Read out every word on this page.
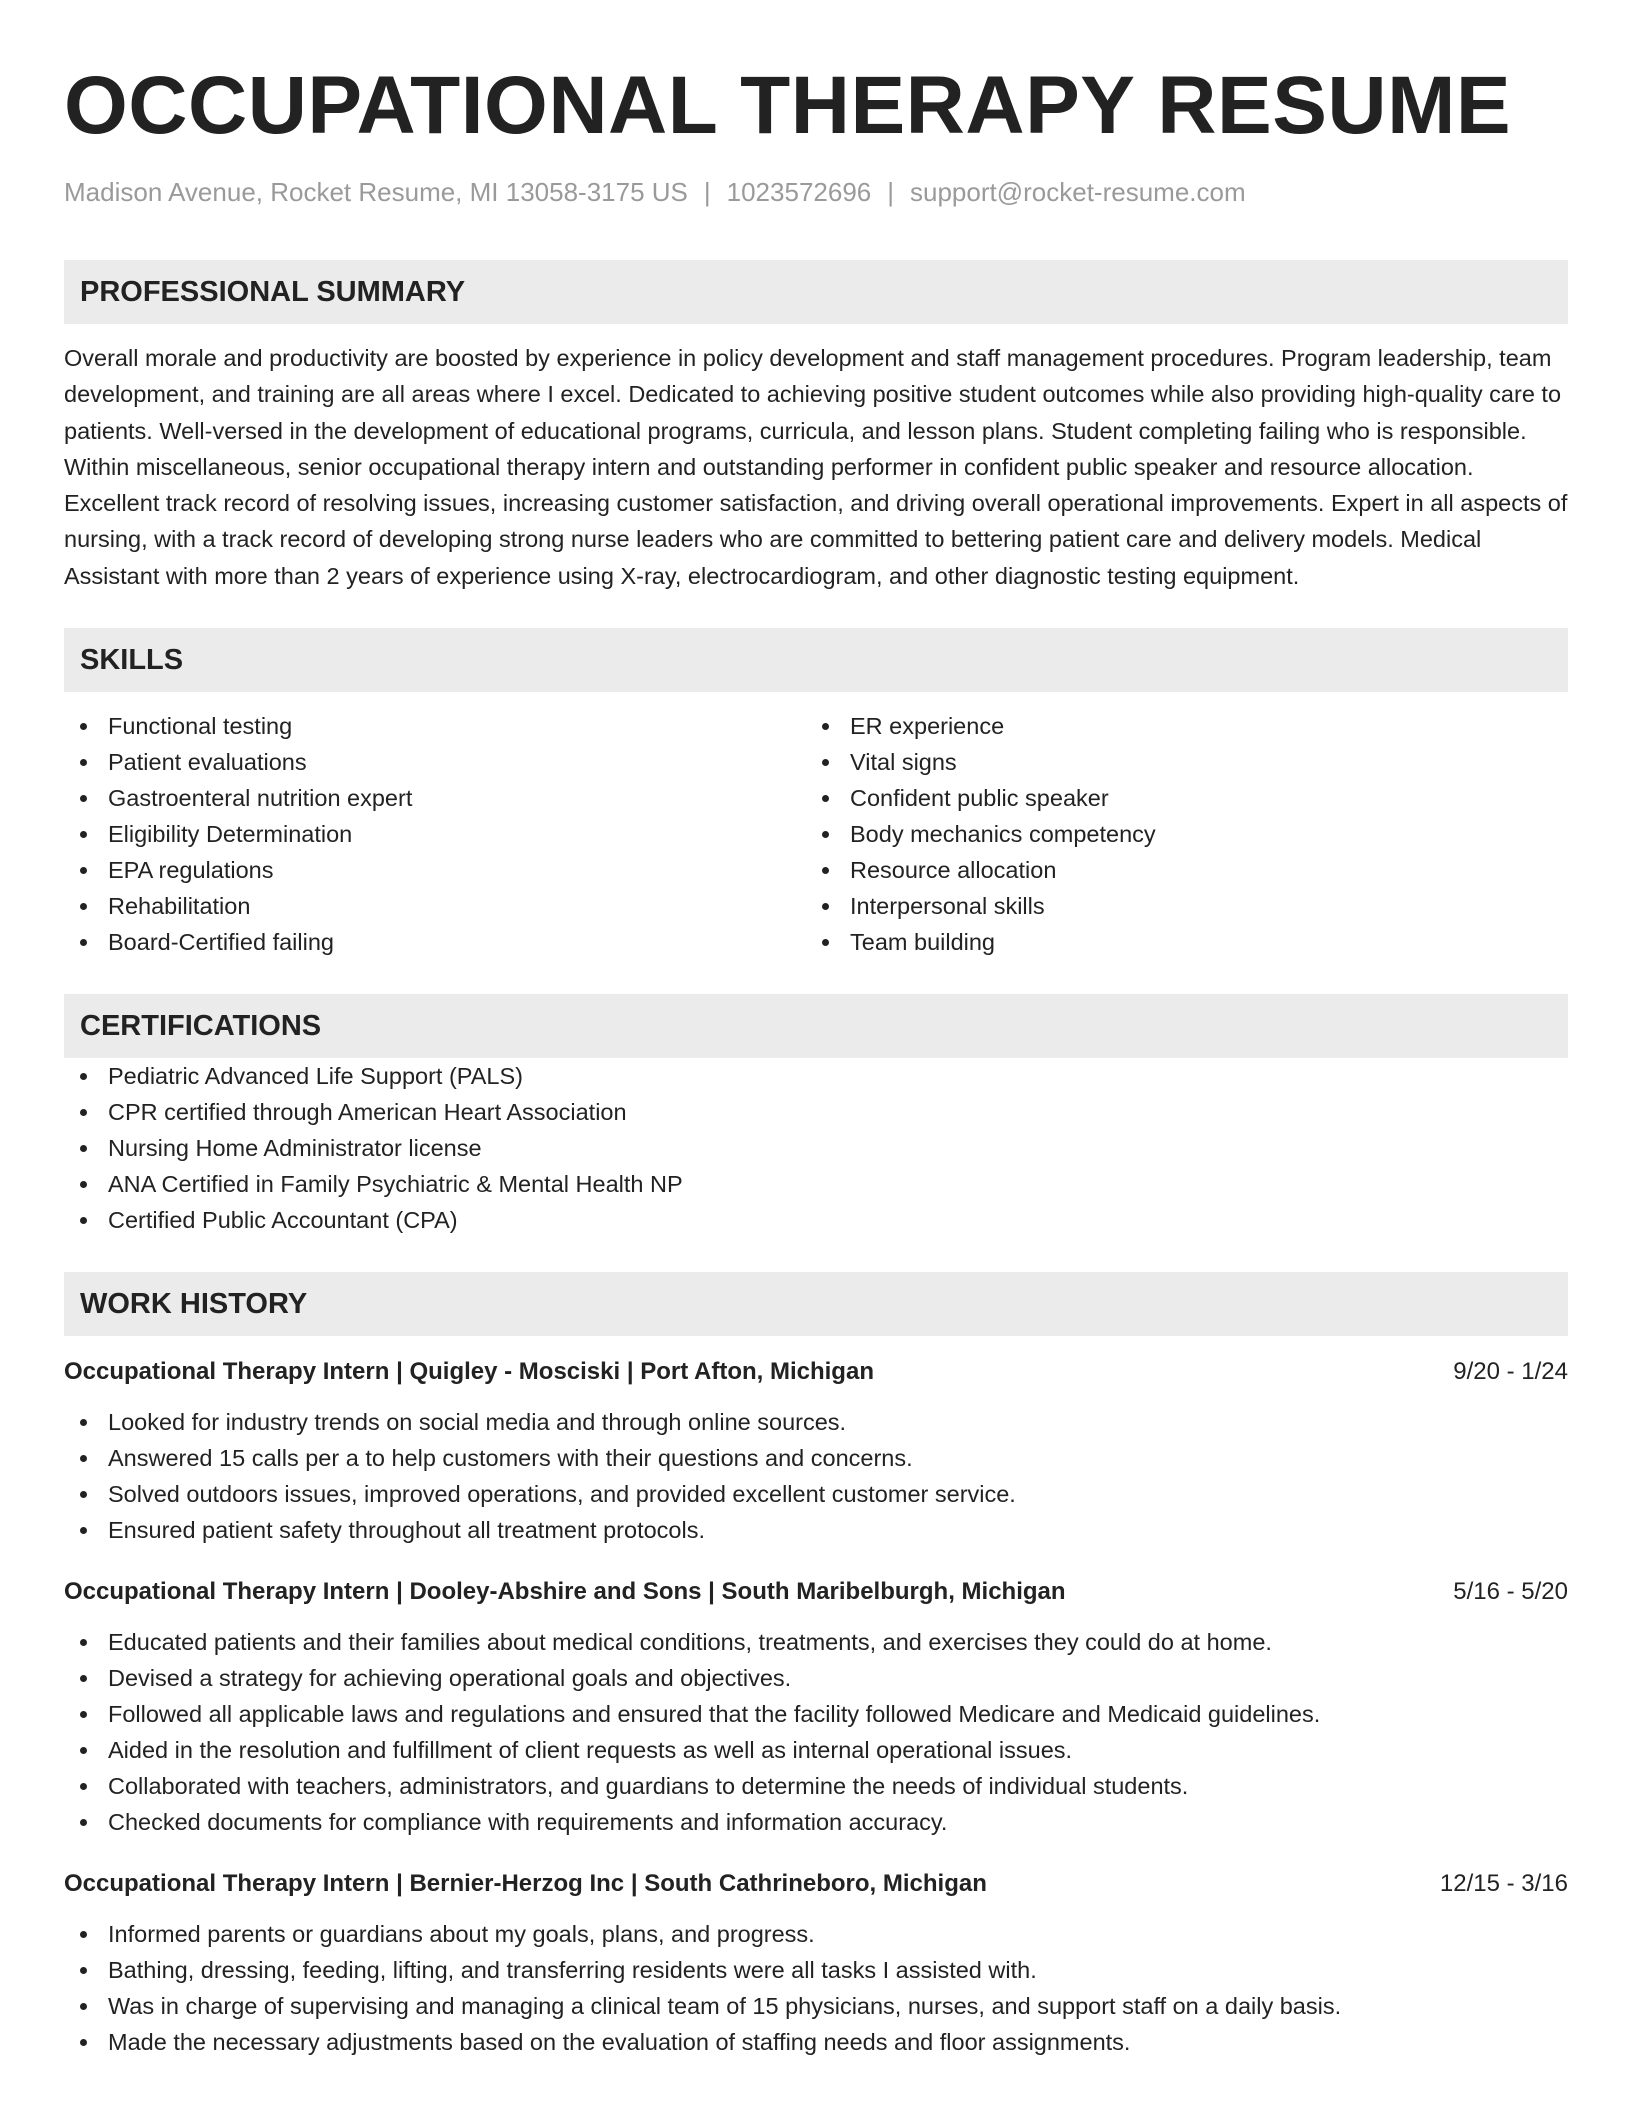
OCCUPATIONAL THERAPY RESUME
Madison Avenue, Rocket Resume, MI 13058-3175 US | 1023572696 | support@rocket-resume.com
PROFESSIONAL SUMMARY

Overall morale and productivity are boosted by experience in policy development and staff management procedures. Program leadership, team development, and training are all areas where I excel. Dedicated to achieving positive student outcomes while also providing high-quality care to patients. Well-versed in the development of educational programs, curricula, and lesson plans. Student completing failing who is responsible. Within miscellaneous, senior occupational therapy intern and outstanding performer in confident public speaker and resource allocation. Excellent track record of resolving issues, increasing customer satisfaction, and driving overall operational improvements. Expert in all aspects of nursing, with a track record of developing strong nurse leaders who are committed to bettering patient care and delivery models. Medical Assistant with more than 2 years of experience using X-ray, electrocardiogram, and other diagnostic testing equipment.

SKILLS
Functional testing
Patient evaluations
Gastroenteral nutrition expert
Eligibility Determination
EPA regulations
Rehabilitation
Board-Certified failing
ER experience
Vital signs
Confident public speaker
Body mechanics competency
Resource allocation
Interpersonal skills
Team building
CERTIFICATIONS
Pediatric Advanced Life Support (PALS)
CPR certified through American Heart Association
Nursing Home Administrator license
ANA Certified in Family Psychiatric & Mental Health NP
Certified Public Accountant (CPA)
WORK HISTORY
Occupational Therapy Intern | Quigley - Mosciski | Port Afton, Michigan	9/20 - 1/24
Looked for industry trends on social media and through online sources.
Answered 15 calls per a to help customers with their questions and concerns.
Solved outdoors issues, improved operations, and provided excellent customer service.
Ensured patient safety throughout all treatment protocols.
Occupational Therapy Intern | Dooley-Abshire and Sons | South Maribelburgh, Michigan	5/16 - 5/20
Educated patients and their families about medical conditions, treatments, and exercises they could do at home.
Devised a strategy for achieving operational goals and objectives.
Followed all applicable laws and regulations and ensured that the facility followed Medicare and Medicaid guidelines.
Aided in the resolution and fulfillment of client requests as well as internal operational issues.
Collaborated with teachers, administrators, and guardians to determine the needs of individual students.
Checked documents for compliance with requirements and information accuracy.
Occupational Therapy Intern | Bernier-Herzog Inc | South Cathrineboro, Michigan	12/15 - 3/16
Informed parents or guardians about my goals, plans, and progress.
Bathing, dressing, feeding, lifting, and transferring residents were all tasks I assisted with.
Was in charge of supervising and managing a clinical team of 15 physicians, nurses, and support staff on a daily basis.
Made the necessary adjustments based on the evaluation of staffing needs and floor assignments.
